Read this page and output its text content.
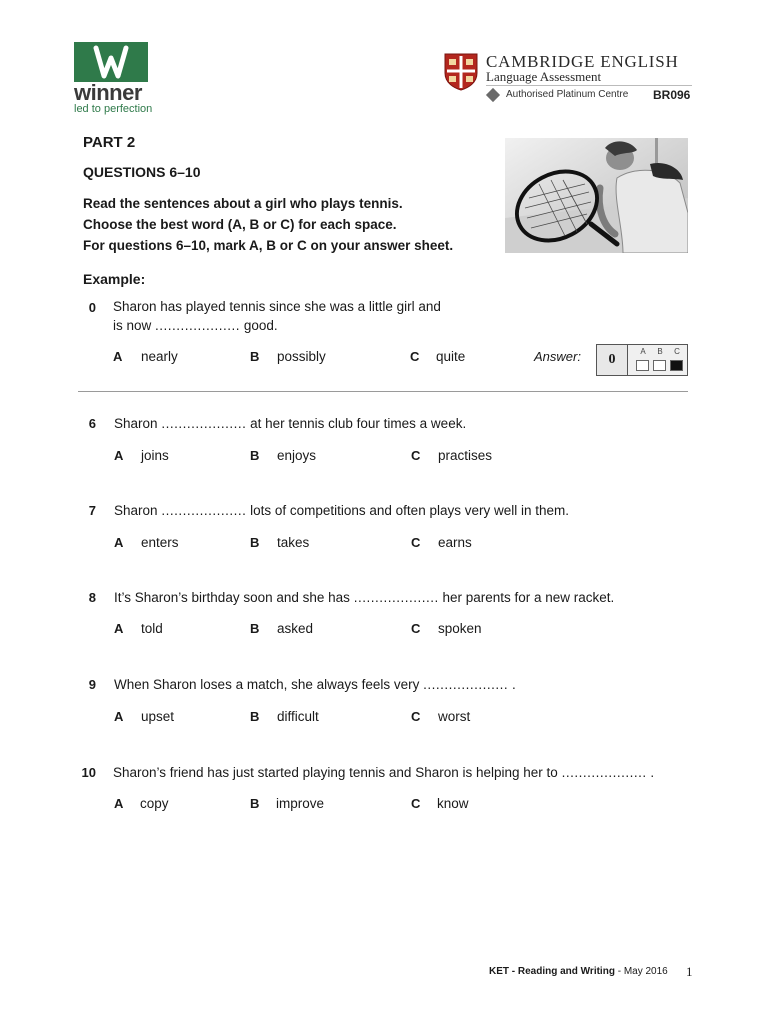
winner
led to perfection
CAMBRIDGE ENGLISH
Language Assessment
Authorised Platinum Centre BR096
PART 2
QUESTIONS 6–10
Read the sentences about a girl who plays tennis.
Choose the best word (A, B or C) for each space.
For questions 6–10, mark A, B or C on your answer sheet.
Example:
0 Sharon has played tennis since she was a little girl and
is now .................... good.
A nearly	B possibly	C quite	Answer:	0
A	B	C
6 Sharon .................... at her tennis club four times a week.
A joins	B enjoys	C practises
7 Sharon .................... lots of competitions and often plays very well in them.
A enters	B takes	C earns
8 It’s Sharon’s birthday soon and she has .................... her parents for a new racket.
A told	B asked	C spoken
9 When Sharon loses a match, she always feels very .................... .
A upset	B difficult	C worst
10 Sharon’s friend has just started playing tennis and Sharon is helping her to .................... .
A copy	B improve	C know
KET - Reading and Writing - May 2016 1
